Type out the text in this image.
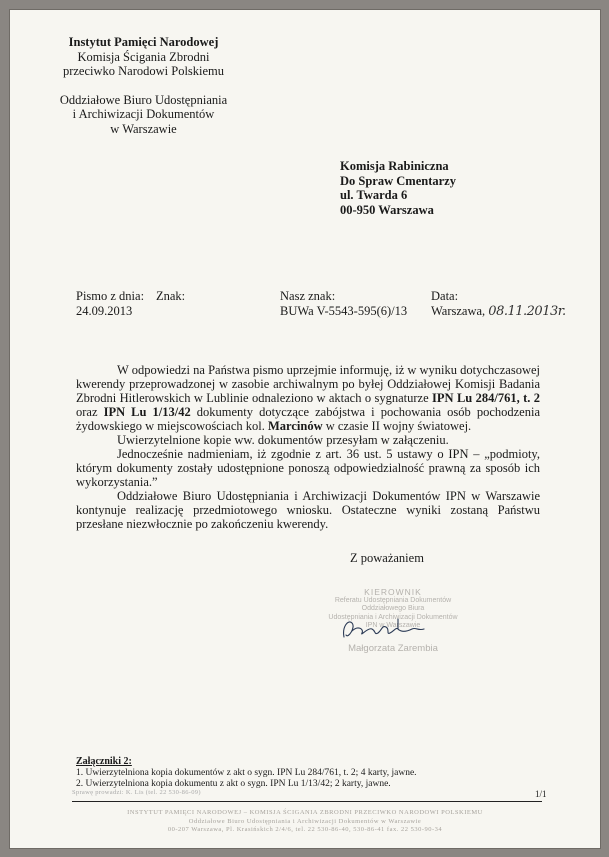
Instytut Pamięci Narodowej
Komisja Ścigania Zbrodni
przeciwko Narodowi Polskiemu
Oddziałowe Biuro Udostępniania
i Archiwizacji Dokumentów
w Warszawie
Komisja Rabiniczna
Do Spraw Cmentarzy
ul. Twarda 6
00-950 Warszawa
Pismo z dnia:
24.09.2013
Znak:	Nasz znak:
BUWa V-5543-595(6)/13
Data:
Warszawa, 08.11.2013r.

W odpowiedzi na Państwa pismo uprzejmie informuję, iż w wyniku dotychczasowej kwerendy przeprowadzonej w zasobie archiwalnym po byłej Oddziałowej Komisji Badania Zbrodni Hitlerowskich w Lublinie odnaleziono w aktach o sygnaturze IPN Lu 284/761, t. 2 oraz IPN Lu 1/13/42 dokumenty dotyczące zabójstwa i pochowania osób pochodzenia żydowskiego w miejscowościach kol. Marcinów w czasie II wojny światowej.

Uwierzytelnione kopie ww. dokumentów przesyłam w załączeniu.

Jednocześnie nadmieniam, iż zgodnie z art. 36 ust. 5 ustawy o IPN – „podmioty, którym dokumenty zostały udostępnione ponoszą odpowiedzialność prawną za sposób ich wykorzystania.”

Oddziałowe Biuro Udostępniania i Archiwizacji Dokumentów IPN w Warszawie kontynuje realizację przedmiotowego wniosku. Ostateczne wyniki zostaną Państwu przesłane niezwłocznie po zakończeniu kwerendy.

Z poważaniem
KIEROWNIK
Referatu Udostępniania Dokumentów
Oddziałowego Biura
Udostępniania i Archiwizacji Dokumentów
IPN w Warszawie
Małgorzata Zarembia
Załączniki 2:
1. Uwierzytelniona kopia dokumentów z akt o sygn. IPN Lu 284/761, t. 2; 4 karty, jawne.
2. Uwierzytelniona kopia dokumentu z akt o sygn. IPN Lu 1/13/42; 2 karty, jawne.
Sprawę prowadzi: K. Lis (tel. 22 530-86-09)	1/1
INSTYTUT PAMIĘCI NARODOWEJ – KOMISJA ŚCIGANIA ZBRODNI PRZECIWKO NARODOWI POLSKIEMU
Oddziałowe Biuro Udostępniania i Archiwizacji Dokumentów w Warszawie
00-207 Warszawa, Pl. Krasińskich 2/4/6, tel. 22 530-86-40, 530-86-41 fax. 22 530-90-34
